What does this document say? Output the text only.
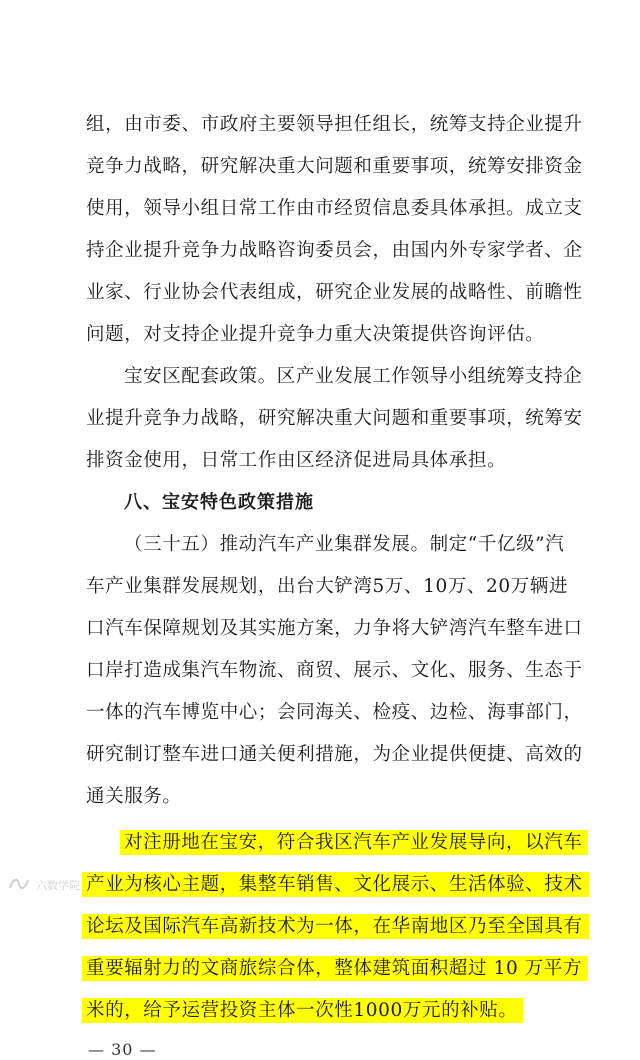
组，由市委、市政府主要领导担任组长，统筹支持企业提升
竞争力战略，研究解决重大问题和重要事项，统筹安排资金
使用，领导小组日常工作由市经贸信息委具体承担。成立支
持企业提升竞争力战略咨询委员会，由国内外专家学者、企
业家、行业协会代表组成，研究企业发展的战略性、前瞻性
问题，对支持企业提升竞争力重大决策提供咨询评估。
宝安区配套政策。区产业发展工作领导小组统筹支持企
业提升竞争力战略，研究解决重大问题和重要事项，统筹安
排资金使用，日常工作由区经济促进局具体承担。
八、宝安特色政策措施
（三十五）推动汽车产业集群发展。制定“千亿级”汽
车产业集群发展规划，出台大铲湾5万、10万、20万辆进
口汽车保障规划及其实施方案，力争将大铲湾汽车整车进口
口岸打造成集汽车物流、商贸、展示、文化、服务、生态于
一体的汽车博览中心；会同海关、检疫、边检、海事部门，
研究制订整车进口通关便利措施，为企业提供便捷、高效的
通关服务。
对注册地在宝安，符合我区汽车产业发展导向，以汽车
产业为核心主题，集整车销售、文化展示、生活体验、技术
论坛及国际汽车高新技术为一体，在华南地区乃至全国具有
重要辐射力的文商旅综合体，整体建筑面积超过 10 万平方
米的，给予运营投资主体一次性1000万元的补贴。
— 30 —
六数学院
